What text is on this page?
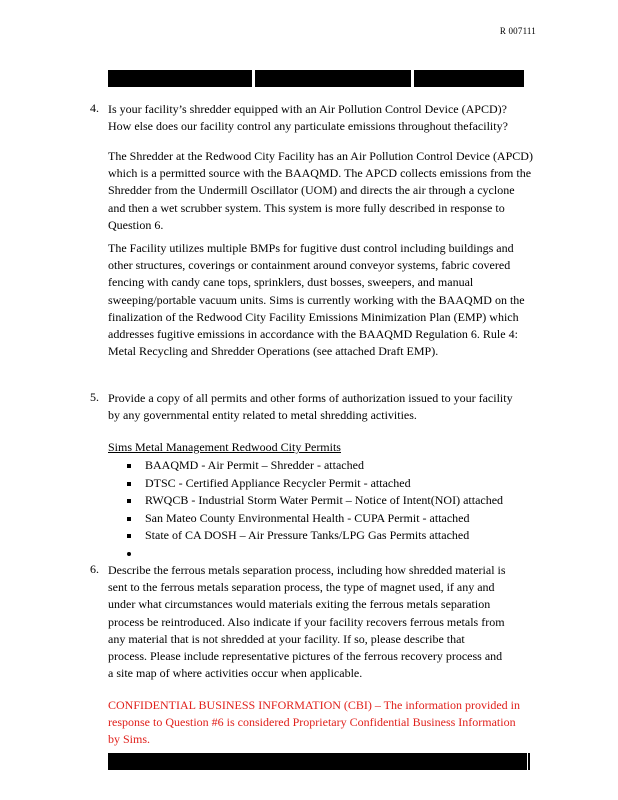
R 007111
4. Is your facility’s shredder equipped with an Air Pollution Control Device (APCD)?
How else does our facility control any particulate emissions throughout thefacility?
The Shredder at the Redwood City Facility has an Air Pollution Control Device (APCD)
which is a permitted source with the BAAQMD. The APCD collects emissions from the
Shredder from the Undermill Oscillator (UOM) and directs the air through a cyclone
and then a wet scrubber system. This system is more fully described in response to
Question 6.
The Facility utilizes multiple BMPs for fugitive dust control including buildings and
other structures, coverings or containment around conveyor systems, fabric covered
fencing with candy cane tops, sprinklers, dust bosses, sweepers, and manual
sweeping/portable vacuum units. Sims is currently working with the BAAQMD on the
finalization of the Redwood City Facility Emissions Minimization Plan (EMP) which
addresses fugitive emissions in accordance with the BAAQMD Regulation 6. Rule 4:
Metal Recycling and Shredder Operations (see attached Draft EMP).
5. Provide a copy of all permits and other forms of authorization issued to your facility
by any governmental entity related to metal shredding activities.
Sims Metal Management Redwood City Permits
BAAQMD - Air Permit – Shredder - attached
DTSC - Certified Appliance Recycler Permit - attached
RWQCB - Industrial Storm Water Permit – Notice of Intent(NOI) attached
San Mateo County Environmental Health - CUPA Permit - attached
State of CA DOSH – Air Pressure Tanks/LPG Gas Permits attached
6. Describe the ferrous metals separation process, including how shredded material is
sent to the ferrous metals separation process, the type of magnet used, if any and
under what circumstances would materials exiting the ferrous metals separation
process be reintroduced. Also indicate if your facility recovers ferrous metals from
any material that is not shredded at your facility. If so, please describe that
process. Please include representative pictures of the ferrous recovery process and
a site map of where activities occur when applicable.
CONFIDENTIAL BUSINESS INFORMATION (CBI) – The information provided in
response to Question #6 is considered Proprietary Confidential Business Information
by Sims.
